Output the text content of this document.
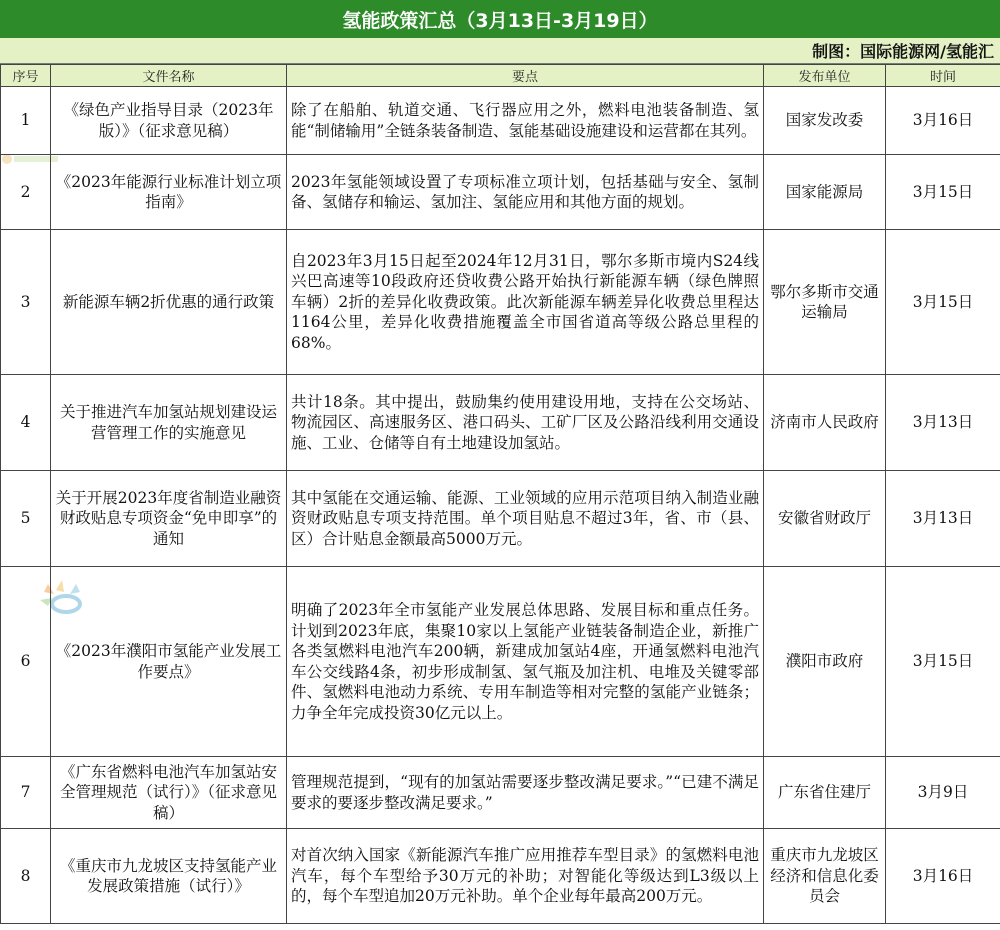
氢能政策汇总（3月13日-3月19日）
制图：国际能源网/氢能汇
序号	文件名称	要点	发布单位	时间
1	《绿色产业指导目录（2023年版）》（征求意见稿）	除了在船舶、轨道交通、飞行器应用之外，燃料电池装备制造、氢能“制储输用”全链条装备制造、氢能基础设施建设和运营都在其列。	国家发改委	3月16日
2	《2023年能源行业标准计划立项指南》	2023年氢能领域设置了专项标准立项计划，包括基础与安全、氢制备、氢储存和输运、氢加注、氢能应用和其他方面的规划。	国家能源局	3月15日
3	新能源车辆2折优惠的通行政策	自2023年3月15日起至2024年12月31日，鄂尔多斯市境内S24线兴巴高速等10段政府还贷收费公路开始执行新能源车辆（绿色牌照车辆）2折的差异化收费政策。此次新能源车辆差异化收费总里程达1164公里，差异化收费措施覆盖全市国省道高等级公路总里程的68%。	鄂尔多斯市交通运输局	3月15日
4	关于推进汽车加氢站规划建设运营管理工作的实施意见	共计18条。其中提出，鼓励集约使用建设用地，支持在公交场站、物流园区、高速服务区、港口码头、工矿厂区及公路沿线利用交通设施、工业、仓储等自有土地建设加氢站。	济南市人民政府	3月13日
5	关于开展2023年度省制造业融资财政贴息专项资金“免申即享”的通知	其中氢能在交通运输、能源、工业领域的应用示范项目纳入制造业融资财政贴息专项支持范围。单个项目贴息不超过3年，省、市（县、区）合计贴息金额最高5000万元。	安徽省财政厅	3月13日
6	《2023年濮阳市氢能产业发展工作要点》	明确了2023年全市氢能产业发展总体思路、发展目标和重点任务。计划到2023年底，集聚10家以上氢能产业链装备制造企业，新推广各类氢燃料电池汽车200辆，新建成加氢站4座，开通氢燃料电池汽车公交线路4条，初步形成制氢、氢气瓶及加注机、电堆及关键零部件、氢燃料电池动力系统、专用车制造等相对完整的氢能产业链条；力争全年完成投资30亿元以上。	濮阳市政府	3月15日
7	《广东省燃料电池汽车加氢站安全管理规范（试行）》（征求意见稿）	管理规范提到，“现有的加氢站需要逐步整改满足要求。”“已建不满足要求的要逐步整改满足要求。”	广东省住建厅	3月9日
8	《重庆市九龙坡区支持氢能产业发展政策措施（试行）》	对首次纳入国家《新能源汽车推广应用推荐车型目录》的氢燃料电池汽车，每个车型给予30万元的补助；对智能化等级达到L3级以上的，每个车型追加20万元补助。单个企业每年最高200万元。	重庆市九龙坡区经济和信息化委员会	3月16日
